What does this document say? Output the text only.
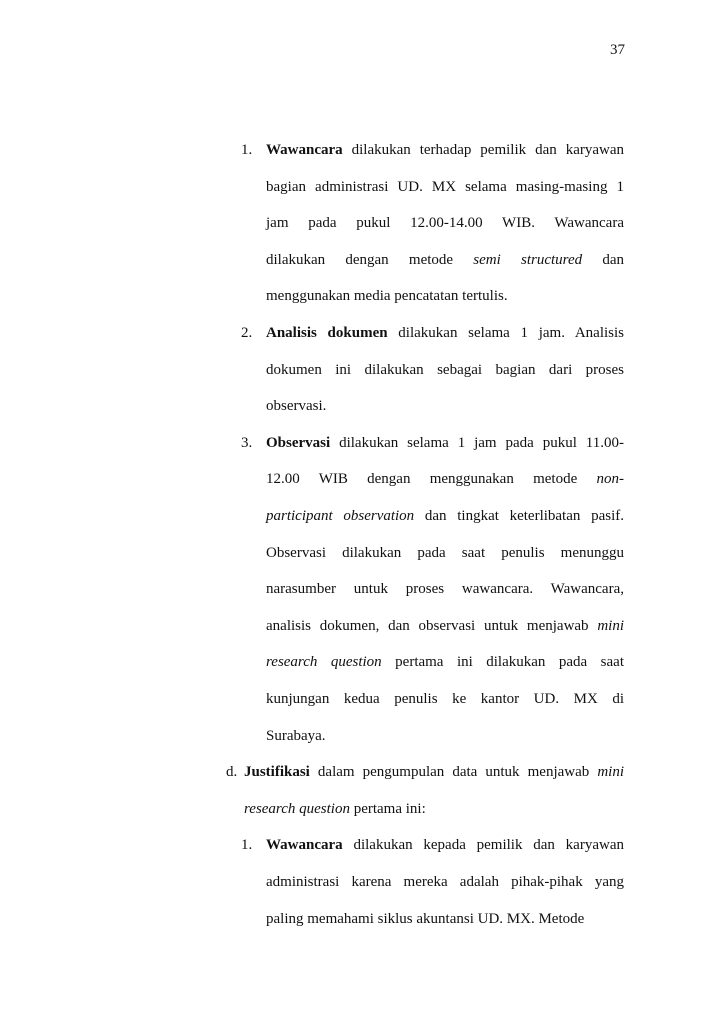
37
1. Wawancara dilakukan terhadap pemilik dan karyawan
bagian administrasi UD. MX selama masing-masing 1
jam pada pukul 12.00-14.00 WIB. Wawancara
dilakukan dengan metode semi structured dan
menggunakan media pencatatan tertulis.
2. Analisis dokumen dilakukan selama 1 jam. Analisis
dokumen ini dilakukan sebagai bagian dari proses
observasi.
3. Observasi dilakukan selama 1 jam pada pukul 11.00-
12.00 WIB dengan menggunakan metode non-
participant observation dan tingkat keterlibatan pasif.
Observasi dilakukan pada saat penulis menunggu
narasumber untuk proses wawancara. Wawancara,
analisis dokumen, dan observasi untuk menjawab mini
research question pertama ini dilakukan pada saat
kunjungan kedua penulis ke kantor UD. MX di
Surabaya.
d. Justifikasi dalam pengumpulan data untuk menjawab mini
research question pertama ini:
1. Wawancara dilakukan kepada pemilik dan karyawan
administrasi karena mereka adalah pihak-pihak yang
paling memahami siklus akuntansi UD. MX. Metode
